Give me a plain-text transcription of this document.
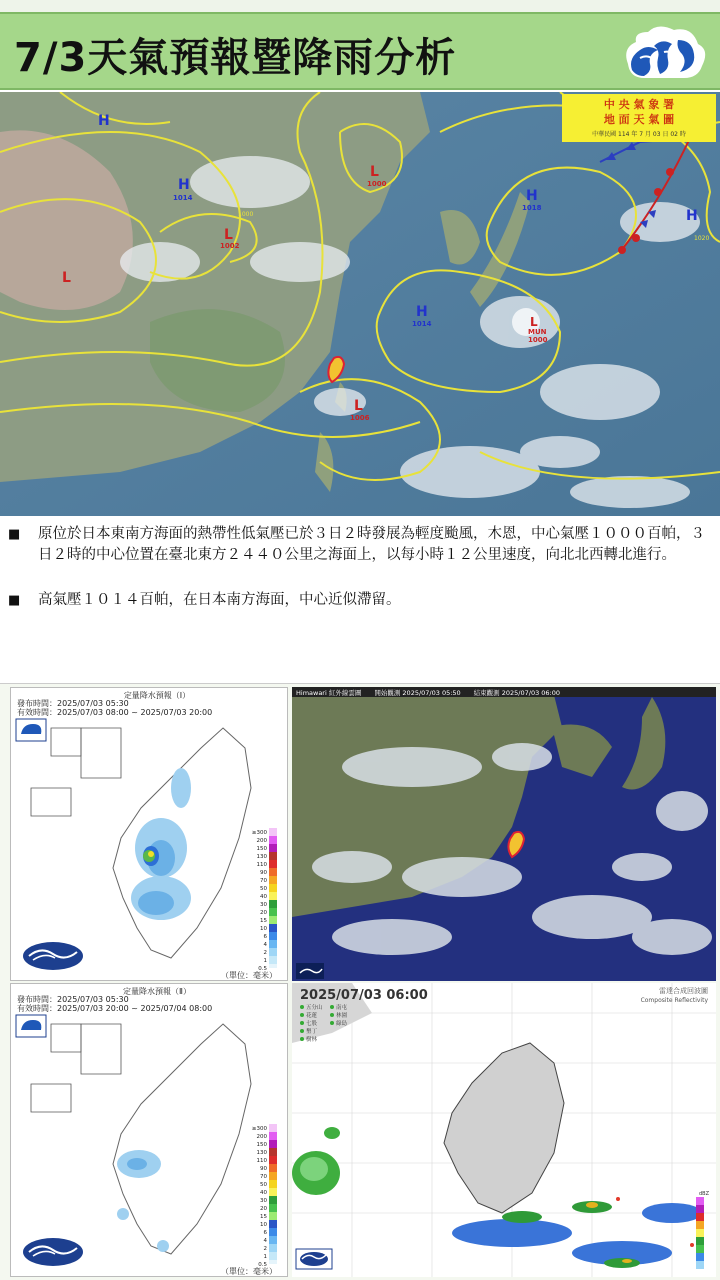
7/3天氣預報暨降雨分析
H
H
1014
L
1000
L
1002
L
H
1018	H
H
1014	L
MUN
1000
L
1006
1000
1020
中 央 氣 象 署
地 面 天 氣 圖
中華民國 114 年 7 月 03 日 02 時
■ 原位於日本東南方海面的熱帶性低氣壓已於３日２時發展為輕度颱風，木恩，中心氣壓１０００百帕，３日２時的中心位置在臺北東方２４４０公里之海面上，以每小時１２公里速度，向北北西轉北進行。
■ 高氣壓１０１４百帕，在日本南方海面，中心近似滯留。
定量降水預報（Ⅰ）
發布時間：2025/07/03 05:30
有效時間：2025/07/03 08:00 ~ 2025/07/03 20:00
≥300
200
150
130
110
90
70
50
40
30
20
15
10
6
4
2
1
0.5
（單位：毫米）
定量降水預報（Ⅱ）
發布時間：2025/07/03 05:30
有效時間：2025/07/03 20:00 ~ 2025/07/04 08:00
≥300
200
150
130
110
90
70
50
40
30
20
15
10
6
4
2
1
0.5
（單位：毫米）
Himawari 紅外線雲圖　　開始觀測 2025/07/03 05:50　　結束觀測 2025/07/03 06:00
2025/07/03 06:00	雷達合成回波圖
Composite Reflectivity
五分山
花蓮
七股
墾丁
樹林
南屯
林園
綠島
dBZ
